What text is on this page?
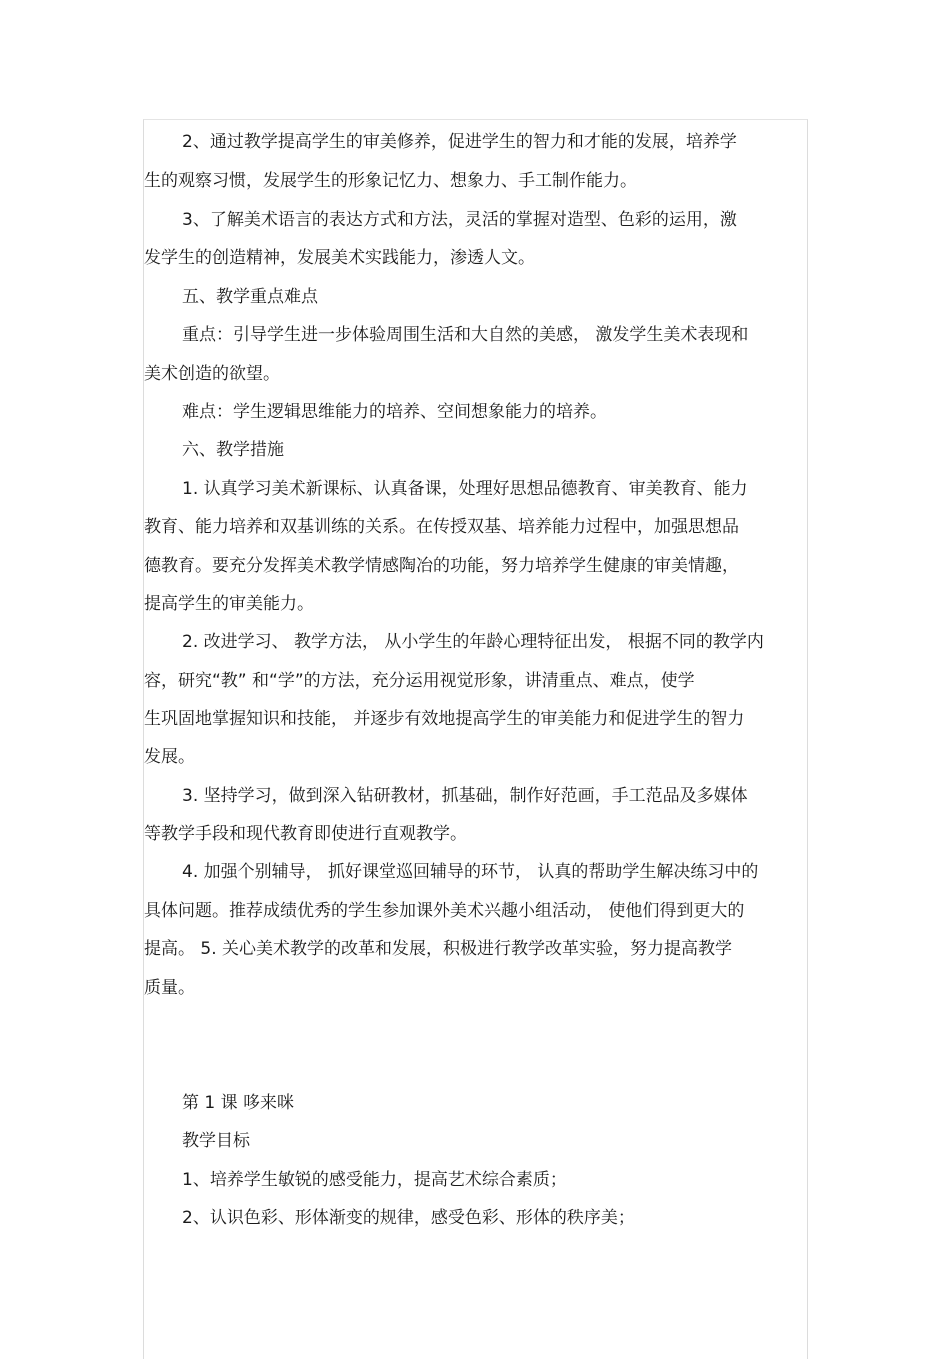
2、通过教学提高学生的审美修养，促进学生的智力和才能的发展，培养学
生的观察习惯，发展学生的形象记忆力、想象力、手工制作能力。
3、了解美术语言的表达方式和方法，灵活的掌握对造型、色彩的运用，激
发学生的创造精神，发展美术实践能力，渗透人文。
五、教学重点难点
重点：引导学生进一步体验周围生活和大自然的美感， 激发学生美术表现和
美术创造的欲望。
难点：学生逻辑思维能力的培养、空间想象能力的培养。
六、教学措施
1. 认真学习美术新课标、认真备课，处理好思想品德教育、审美教育、能力
教育、能力培养和双基训练的关系。在传授双基、培养能力过程中，加强思想品
德教育。要充分发挥美术教学情感陶冶的功能，努力培养学生健康的审美情趣，
提高学生的审美能力。
2. 改进学习、 教学方法， 从小学生的年龄心理特征出发， 根据不同的教学内
容，研究“教” 和“学”的方法，充分运用视觉形象，讲清重点、难点，使学
生巩固地掌握知识和技能， 并逐步有效地提高学生的审美能力和促进学生的智力
发展。
3. 坚持学习，做到深入钻研教材，抓基础，制作好范画，手工范品及多媒体
等教学手段和现代教育即使进行直观教学。
4. 加强个别辅导， 抓好课堂巡回辅导的环节， 认真的帮助学生解决练习中的
具体问题。推荐成绩优秀的学生参加课外美术兴趣小组活动， 使他们得到更大的
提高。 5. 关心美术教学的改革和发展，积极进行教学改革实验，努力提高教学
质量。
第 1 课 哆来咪
教学目标
1、培养学生敏锐的感受能力，提高艺术综合素质；
2、认识色彩、形体渐变的规律，感受色彩、形体的秩序美；
